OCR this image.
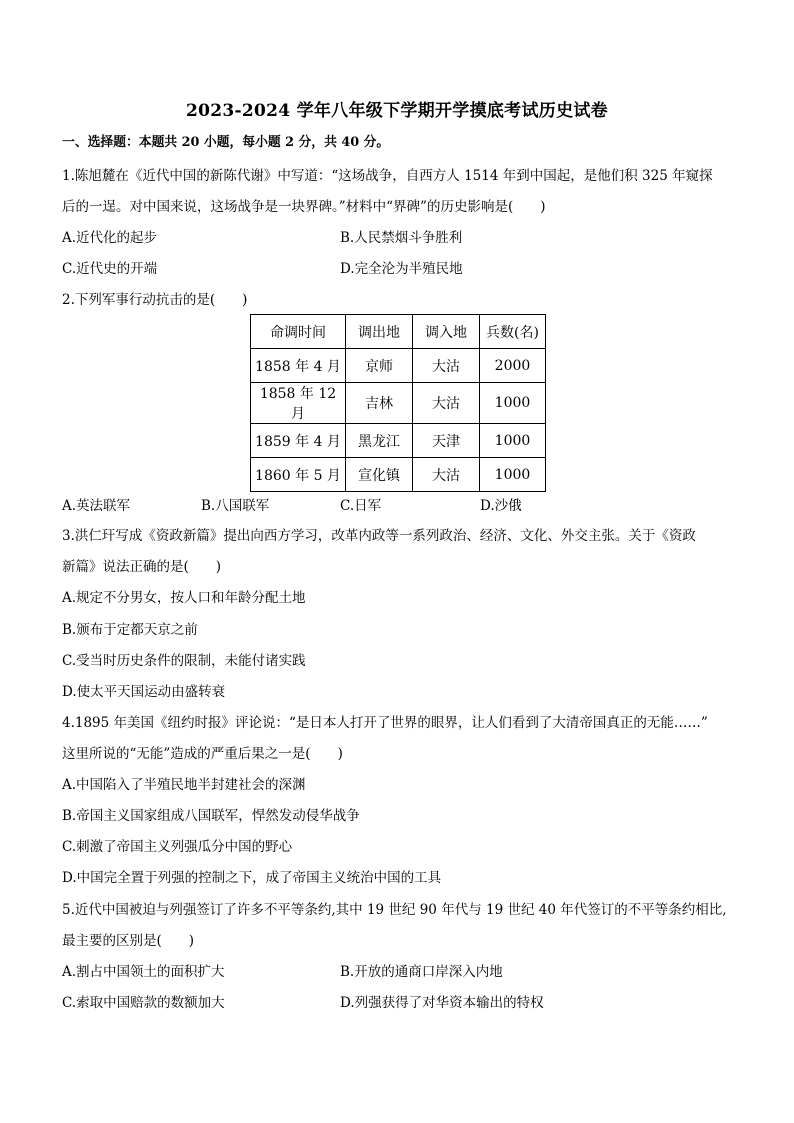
2023-2024 学年八年级下学期开学摸底考试历史试卷
一、选择题：本题共 20 小题，每小题 2 分，共 40 分。
1.陈旭麓在《近代中国的新陈代谢》中写道：“这场战争，自西方人 1514 年到中国起，是他们积 325 年窥探
后的一逞。对中国来说，这场战争是一块界碑。”材料中“界碑”的历史影响是(　　)
A.近代化的起步	B.人民禁烟斗争胜利
C.近代史的开端	D.完全沦为半殖民地
2.下列军事行动抗击的是(　　)
命调时间	调出地	调入地	兵数(名)
1858 年 4 月	京师	大沽	2000
1858 年 12 月	吉林	大沽	1000
1859 年 4 月	黑龙江	天津	1000
1860 年 5 月	宣化镇	大沽	1000
A.英法联军	B.八国联军	C.日军	D.沙俄
3.洪仁玕写成《资政新篇》提出向西方学习，改革内政等一系列政治、经济、文化、外交主张。关于《资政
新篇》说法正确的是(　　)
A.规定不分男女，按人口和年龄分配土地
B.颁布于定都天京之前
C.受当时历史条件的限制，未能付诸实践
D.使太平天国运动由盛转衰
4.1895 年美国《纽约时报》评论说：“是日本人打开了世界的眼界，让人们看到了大清帝国真正的无能……”
这里所说的“无能”造成的严重后果之一是(　　)
A.中国陷入了半殖民地半封建社会的深渊
B.帝国主义国家组成八国联军，悍然发动侵华战争
C.刺激了帝国主义列强瓜分中国的野心
D.中国完全置于列强的控制之下，成了帝国主义统治中国的工具
5.近代中国被迫与列强签订了许多不平等条约,其中 19 世纪 90 年代与 19 世纪 40 年代签订的不平等条约相比,
最主要的区别是(　　)
A.割占中国领土的面积扩大	B.开放的通商口岸深入内地
C.索取中国赔款的数额加大	D.列强获得了对华资本输出的特权
